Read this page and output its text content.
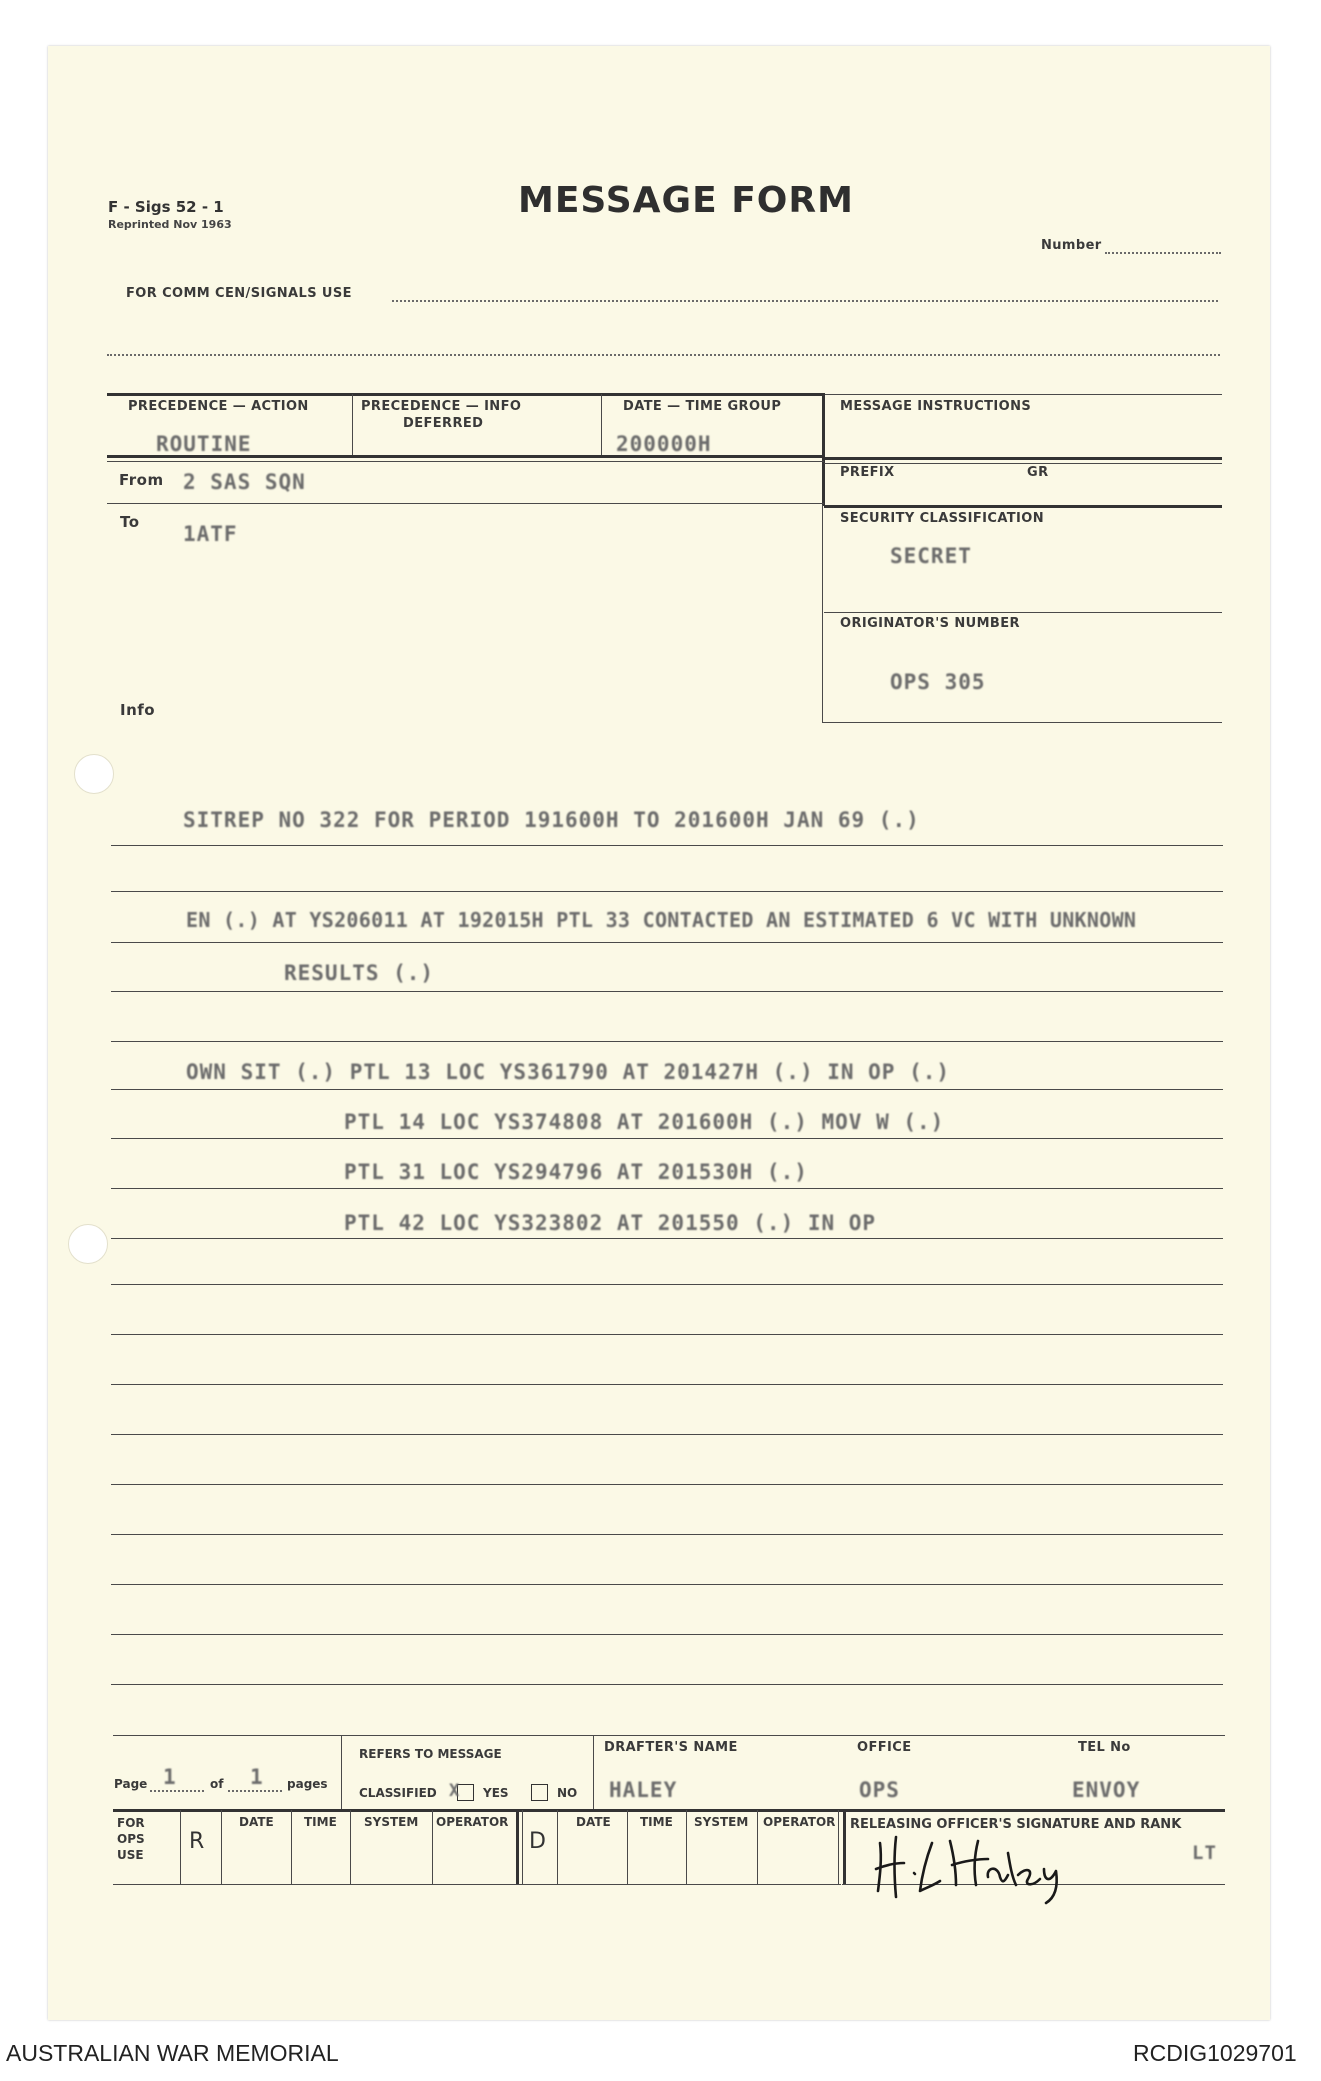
F - Sigs 52 - 1
Reprinted Nov 1963
MESSAGE FORM
Number
FOR COMM CEN/SIGNALS USE
PRECEDENCE — ACTION
ROUTINE
PRECEDENCE — INFO
DEFERRED
DATE — TIME GROUP
200000H
MESSAGE INSTRUCTIONS
PREFIX	GR
SECURITY CLASSIFICATION
SECRET
ORIGINATOR'S NUMBER
OPS 305
From 2 SAS SQN
To 1ATF
Info
SITREP NO 322 FOR PERIOD 191600H TO 201600H JAN 69 (.)
EN (.) AT YS206011 AT 192015H PTL 33 CONTACTED AN ESTIMATED 6 VC WITH UNKNOWN
RESULTS (.)
OWN SIT (.) PTL 13 LOC YS361790 AT 201427H (.) IN OP (.)
PTL 14 LOC YS374808 AT 201600H (.) MOV W (.)
PTL 31 LOC YS294796 AT 201530H (.)
PTL 42 LOC YS323802 AT 201550 (.) IN OP
Page 1	of 1 pages
REFERS TO MESSAGE
CLASSIFIED X YES	NO
DRAFTER'S NAME
HALEY
OFFICE
OPS
TEL No
ENVOY
FOR OPS USE
R
DATE	TIME SYSTEM OPERATOR
D
DATE TIME SYSTEM OPERATOR RELEASING OFFICER'S SIGNATURE AND RANK
LT
AUSTRALIAN WAR MEMORIAL	RCDIG1029701
